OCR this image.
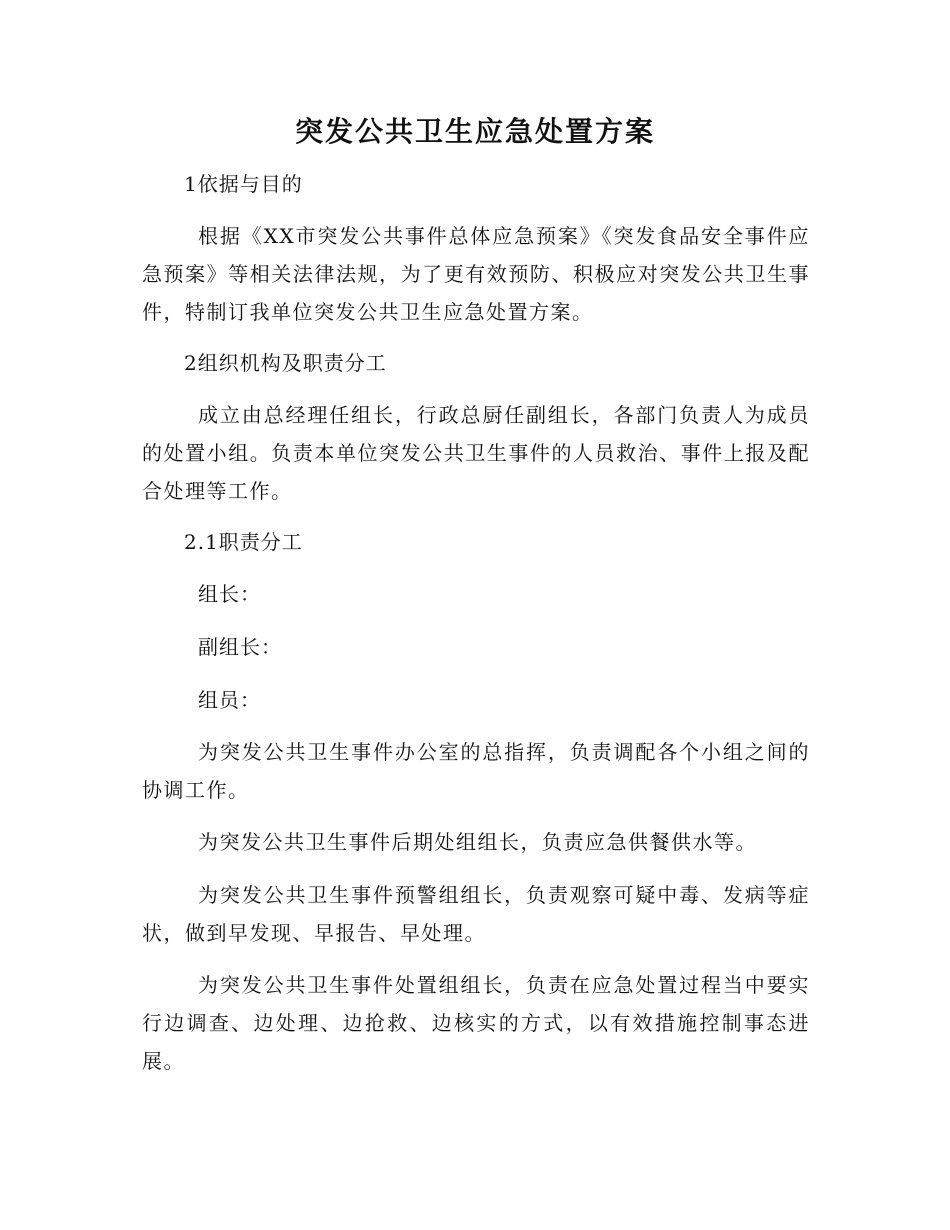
突发公共卫生应急处置方案
1依据与目的
根据《XX市突发公共事件总体应急预案》《突发食品安全事件应急预案》等相关法律法规，为了更有效预防、积极应对突发公共卫生事件，特制订我单位突发公共卫生应急处置方案。
2组织机构及职责分工
成立由总经理任组长，行政总厨任副组长，各部门负责人为成员的处置小组。负责本单位突发公共卫生事件的人员救治、事件上报及配合处理等工作。
2.1职责分工
组长：
副组长：
组员：
为突发公共卫生事件办公室的总指挥，负责调配各个小组之间的协调工作。
为突发公共卫生事件后期处组组长，负责应急供餐供水等。
为突发公共卫生事件预警组组长，负责观察可疑中毒、发病等症状，做到早发现、早报告、早处理。
为突发公共卫生事件处置组组长，负责在应急处置过程当中要实行边调查、边处理、边抢救、边核实的方式，以有效措施控制事态进展。
